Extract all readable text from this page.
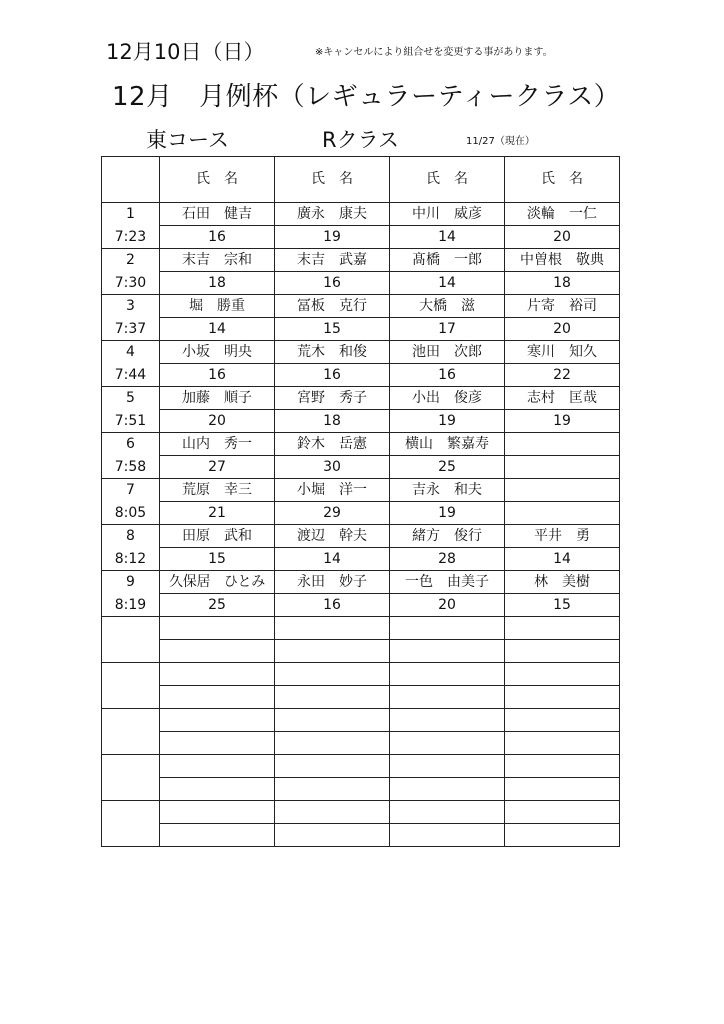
12月10日（日）	※キャンセルにより組合せを変更する事があります。
12月　月例杯（レギュラーティークラス）
東コース	Rクラス	11/27（現在）
	氏　名	氏　名	氏　名	氏　名
1	石田　健吉	廣永　康夫	中川　威彦	淡輪　一仁
7:23	16	19	14	20
2	末吉　宗和	末吉　武嘉	髙橋　一郎	中曽根　敬典
7:30	18	16	14	18
3	堀　勝重	冨板　克行	大橋　滋	片寄　裕司
7:37	14	15	17	20
4	小坂　明央	荒木　和俊	池田　次郎	寒川　知久
7:44	16	16	16	22
5	加藤　順子	宮野　秀子	小出　俊彦	志村　匡哉
7:51	20	18	19	19
6	山内　秀一	鈴木　岳憲	横山　繁嘉寿	
7:58	27	30	25	
7	荒原　幸三	小堀　洋一	吉永　和夫	
8:05	21	29	19	
8	田原　武和	渡辺　幹夫	緒方　俊行	平井　勇
8:12	15	14	28	14
9	久保居　ひとみ	永田　妙子	一色　由美子	林　美樹
8:19	25	16	20	15
